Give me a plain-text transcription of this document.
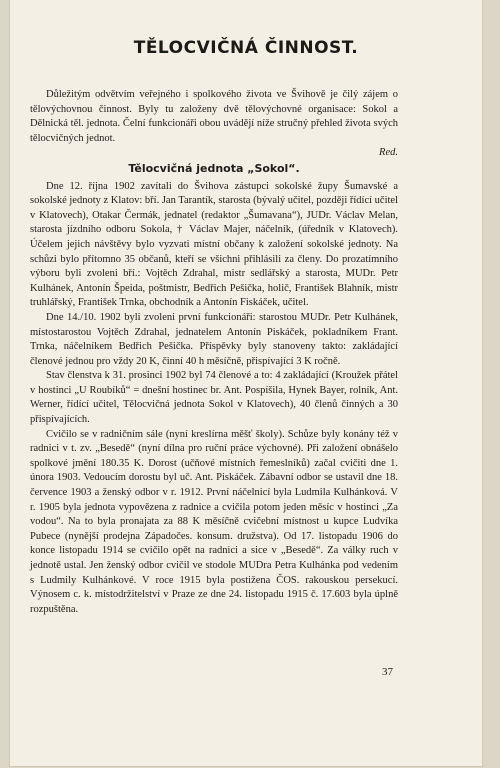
TĚLOCVIČNÁ ČINNOST.

Důležitým odvětvím veřejného i spolkového života ve Švihově je čilý zájem o tělovýchovnou činnost. Byly tu založeny dvě tělovýchovné organisace: Sokol a Dělnická těl. jednota. Čelní funkcionáři obou uvádějí níže stručný přehled života svých tělocvičných jednot.

Red.

Tělocvičná jednota „Sokol“.

Dne 12. října 1902 zavítali do Švihova zástupci sokolské župy Šumavské a sokolské jednoty z Klatov: bří. Jan Tarantík, starosta (bývalý učitel, později řídící učitel v Klatovech), Otakar Čermák, jednatel (redaktor „Šumavana“), JUDr. Václav Melan, starosta jízdního odboru Sokola, † Václav Majer, náčelník, (úředník v Klatovech). Účelem jejich návštěvy bylo vyzvati místní občany k založení sokolské jednoty. Na schůzi bylo přítomno 35 občanů, kteří se všichni přihlásili za členy. Do prozatímního výboru byli zvoleni bří.: Vojtěch Zdrahal, mistr sedlářský a starosta, MUDr. Petr Kulhánek, Antonín Špeida, poštmistr, Bedřich Pešička, holič, František Blahník, mistr truhlářský, František Trnka, obchodník a Antonín Fiskáček, učitel.

Dne 14./10. 1902 byli zvoleni první funkcionáři: starostou MUDr. Petr Kulhánek, místostarostou Vojtěch Zdrahal, jednatelem Antonín Piskáček, pokladníkem Frant. Trnka, náčelníkem Bedřich Pešička. Příspěvky byly stanoveny takto: zakládající členové jednou pro vždy 20 K, činní 40 h měsíčně, přispívající 3 K ročně.

Stav členstva k 31. prosinci 1902 byl 74 členové a to: 4 zakládající (Kroužek přátel v hostinci „U Roubíků“ = dnešní hostinec br. Ant. Pospíšila, Hynek Bayer, rolník, Ant. Werner, řídící učitel, Tělocvičná jednota Sokol v Klatovech), 40 členů činných a 30 přispívajících.

Cvičilo se v radničním sále (nyní kreslírna měšť školy). Schůze byly konány též v radnici v t. zv. „Besedě“ (nyní dílna pro ruční práce výchovné). Při založení obnášelo spolkové jmění 180.35 K. Dorost (učňové místních řemeslníků) začal cvičiti dne 1. února 1903. Vedoucím dorostu byl uč. Ant. Piskáček. Zábavní odbor se ustavil dne 18. července 1903 a ženský odbor v r. 1912. První náčelnicí byla Ludmila Kulhánková. V r. 1905 byla jednota vypovězena z radnice a cvičila potom jeden měsíc v hostinci „Za vodou“. Na to byla pronajata za 88 K měsíčně cvičební místnost u kupce Ludvíka Pubece (nynější prodejna Západočes. konsum. družstva). Od 17. listopadu 1906 do konce listopadu 1914 se cvičilo opět na radnici a sice v „Besedě“. Za války ruch v jednotě ustal. Jen ženský odbor cvičil ve stodole MUDra Petra Kulhánka pod vedením s Ludmily Kulhánkové. V roce 1915 byla postižena ČOS. rakouskou persekucí. Výnosem c. k. místodržitelství v Praze ze dne 24. listopadu 1915 č. 17.603 byla úplně rozpuštěna.

37
